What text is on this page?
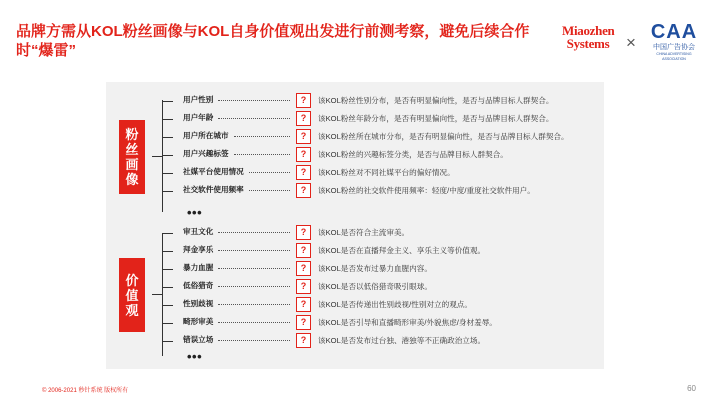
品牌方需从KOL粉丝画像与KOL自身价值观出发进行前测考察，避免后续合作时“爆雷”
Miaozhen
Systems × CAA
中国广告协会
CHINA ADVERTISING ASSOCIATION
粉
丝
画
像
价
值
观
用户性别	?	该KOL粉丝性别分布，是否有明显偏向性，是否与品牌目标人群契合。
用户年龄	?	该KOL粉丝年龄分布，是否有明显偏向性，是否与品牌目标人群契合。
用户所在城市	?	该KOL粉丝所在城市分布，是否有明显偏向性，是否与品牌目标人群契合。
用户兴趣标签	?	该KOL粉丝的兴趣标签分类，是否与品牌目标人群契合。
社媒平台使用情况	?	该KOL粉丝对不同社媒平台的偏好情况。
社交软件使用频率	?	该KOL粉丝的社交软件使用频率：轻度/中度/重度社交软件用户。
•••
审丑文化	?	该KOL是否符合主流审美。
拜金享乐	?	该KOL是否在直播拜金主义、享乐主义等价值观。
暴力血腥	?	该KOL是否发布过暴力血腥内容。
低俗猎奇	?	该KOL是否以低俗猎奇吸引眼球。
性别歧视	?	该KOL是否传递出性别歧视/性别对立的观点。
畸形审美	?	该KOL是否引导和直播畸形审美/外貌焦虑/身材羞辱。
错误立场	?	该KOL是否发布过台独、港独等不正确政治立场。
•••
© 2006-2021 秒针系统 版权所有	60
